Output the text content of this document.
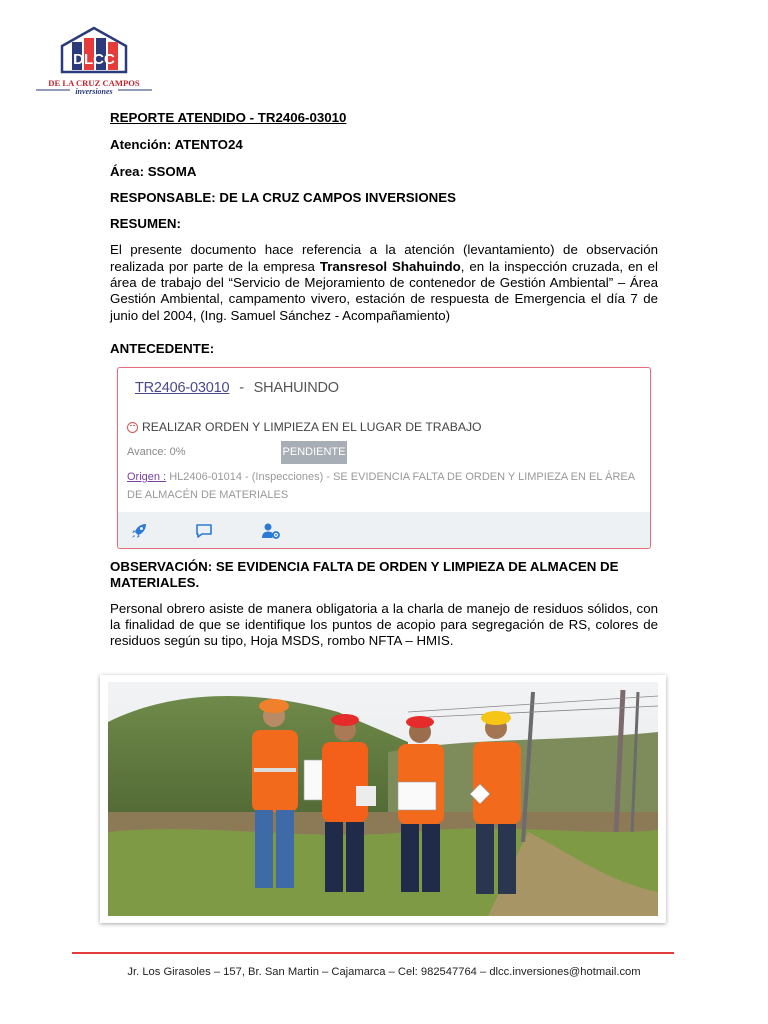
DLCC
DE LA CRUZ CAMPOS
inversiones
REPORTE ATENDIDO - TR2406-03010
Atención: ATENTO24
Área: SSOMA
RESPONSABLE: DE LA CRUZ CAMPOS INVERSIONES
RESUMEN:
El presente documento hace referencia a la atención (levantamiento) de observación realizada por parte de la empresa Transresol Shahuindo, en la inspección cruzada, en el área de trabajo del “Servicio de Mejoramiento de contenedor de Gestión Ambiental” – Área Gestión Ambiental, campamento vivero, estación de respuesta de Emergencia el día 7 de junio del 2004, (Ing. Samuel Sánchez - Acompañamiento)
ANTECEDENTE:
TR2406-03010 - SHAHUINDO
REALIZAR ORDEN Y LIMPIEZA EN EL LUGAR DE TRABAJO
Avance: 0%	PENDIENTE
Origen : HL2406-01014 - (Inspecciones) - SE EVIDENCIA FALTA DE ORDEN Y LIMPIEZA EN EL ÁREA DE ALMACÉN DE MATERIALES
OBSERVACIÓN: SE EVIDENCIA FALTA DE ORDEN Y LIMPIEZA DE ALMACEN DE MATERIALES.
Personal obrero asiste de manera obligatoria a la charla de manejo de residuos sólidos, con la finalidad de que se identifique los puntos de acopio para segregación de RS, colores de residuos según su tipo, Hoja MSDS, rombo NFTA – HMIS.
Jr. Los Girasoles – 157, Br. San Martin – Cajamarca – Cel: 982547764 – dlcc.inversiones@hotmail.com
